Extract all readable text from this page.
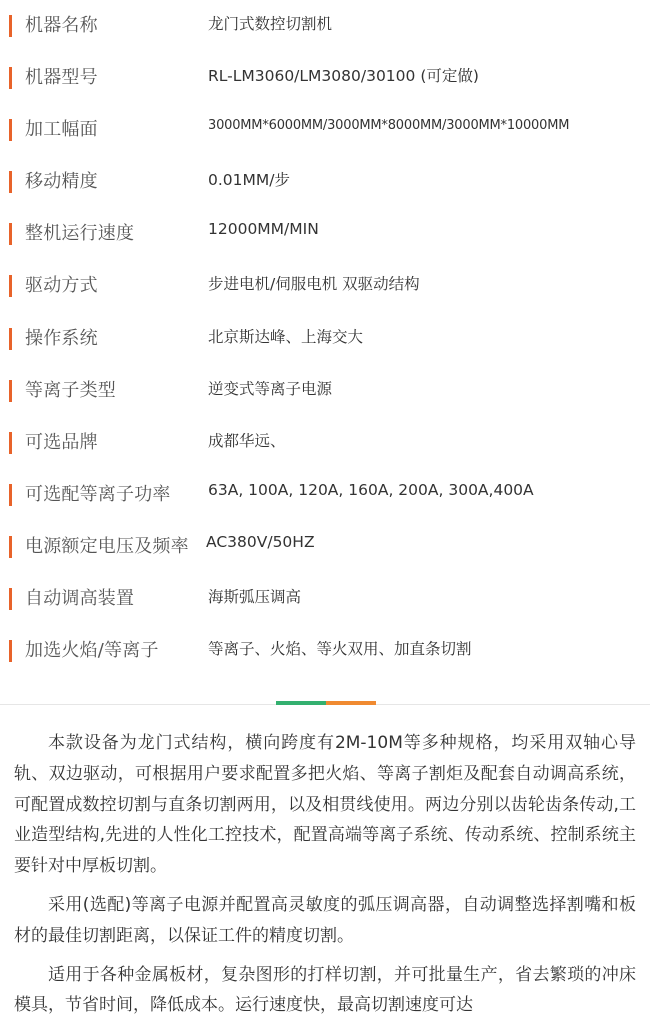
机器名称	龙门式数控切割机
机器型号	RL-LM3060/LM3080/30100 (可定做)
加工幅面	3000MM*6000MM/3000MM*8000MM/3000MM*10000MM
移动精度	0.01MM/步
整机运行速度	12000MM/MIN
驱动方式	步进电机/伺服电机 双驱动结构
操作系统	北京斯达峰、上海交大
等离子类型	逆变式等离子电源
可选品牌	成都华远、
可选配等离子功率 63A, 100A, 120A, 160A, 200A, 300A,400A
电源额定电压及频率 AC380V/50HZ
自动调高装置	海斯弧压调高
加选火焰/等离子	等离子、火焰、等火双用、加直条切割

本款设备为龙门式结构，横向跨度有2M-10M等多种规格，均采用双轴心导轨、双边驱动，可根据用户要求配置多把火焰、等离子割炬及配套自动调高系统，可配置成数控切割与直条切割两用，以及相贯线使用。两边分别以齿轮齿条传动,工业造型结构,先进的人性化工控技术，配置高端等离子系统、传动系统、控制系统主要针对中厚板切割。

采用(选配)等离子电源并配置高灵敏度的弧压调高器，自动调整选择割嘴和板材的最佳切割距离，以保证工件的精度切割。

适用于各种金属板材，复杂图形的打样切割，并可批量生产，省去繁琐的冲床模具，节省时间，降低成本。运行速度快，最高切割速度可达
